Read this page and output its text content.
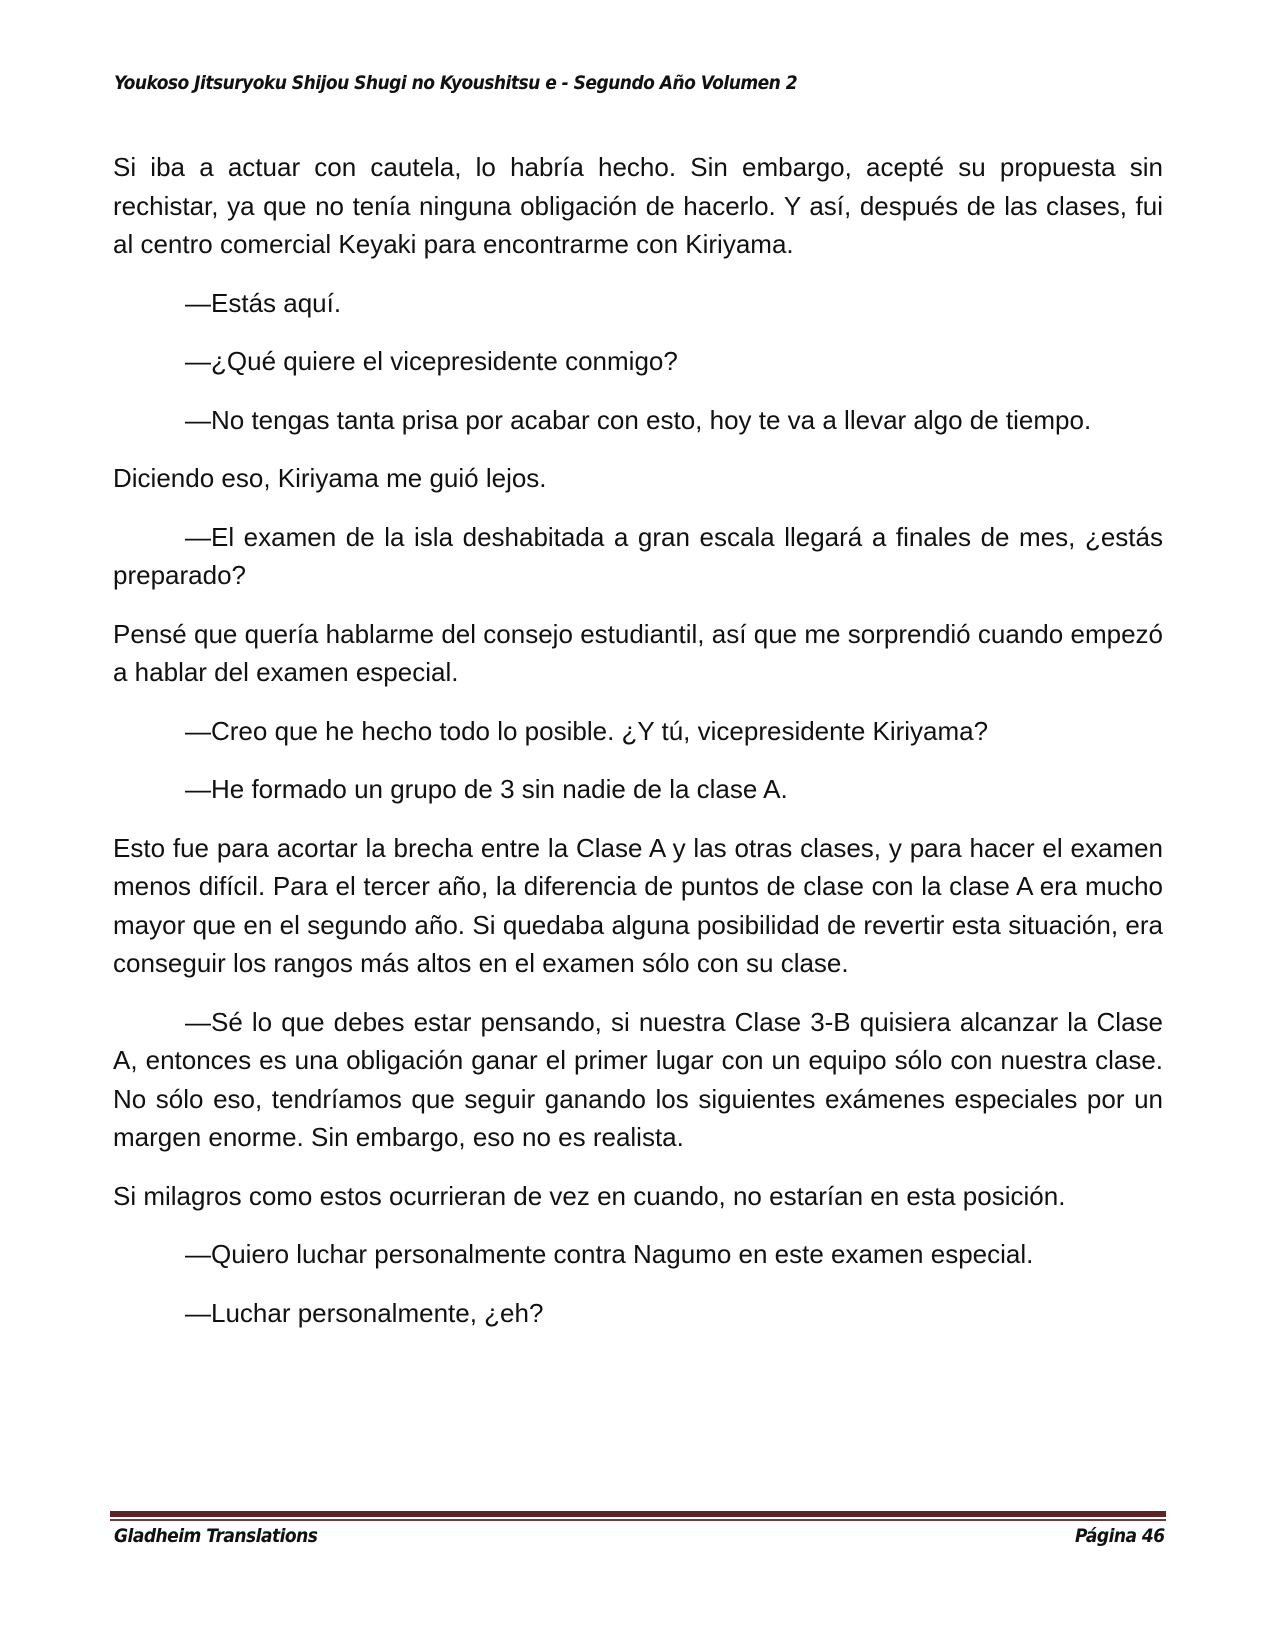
Youkoso Jitsuryoku Shijou Shugi no Kyoushitsu e - Segundo Año Volumen 2

Si iba a actuar con cautela, lo habría hecho. Sin embargo, acepté su propuesta sin rechistar, ya que no tenía ninguna obligación de hacerlo. Y así, después de las clases, fui al centro comercial Keyaki para encontrarme con Kiriyama.

—Estás aquí.

—¿Qué quiere el vicepresidente conmigo?

—No tengas tanta prisa por acabar con esto, hoy te va a llevar algo de tiempo.

Diciendo eso, Kiriyama me guió lejos.

—El examen de la isla deshabitada a gran escala llegará a finales de mes, ¿estás preparado?

Pensé que quería hablarme del consejo estudiantil, así que me sorprendió cuando empezó a hablar del examen especial.

—Creo que he hecho todo lo posible. ¿Y tú, vicepresidente Kiriyama?

—He formado un grupo de 3 sin nadie de la clase A.

Esto fue para acortar la brecha entre la Clase A y las otras clases, y para hacer el examen menos difícil. Para el tercer año, la diferencia de puntos de clase con la clase A era mucho mayor que en el segundo año. Si quedaba alguna posibilidad de revertir esta situación, era conseguir los rangos más altos en el examen sólo con su clase.

—Sé lo que debes estar pensando, si nuestra Clase 3-B quisiera alcanzar la Clase A, entonces es una obligación ganar el primer lugar con un equipo sólo con nuestra clase. No sólo eso, tendríamos que seguir ganando los siguientes exámenes especiales por un margen enorme. Sin embargo, eso no es realista.

Si milagros como estos ocurrieran de vez en cuando, no estarían en esta posición.

—Quiero luchar personalmente contra Nagumo en este examen especial.

—Luchar personalmente, ¿eh?

Gladheim Translations	Página 46
